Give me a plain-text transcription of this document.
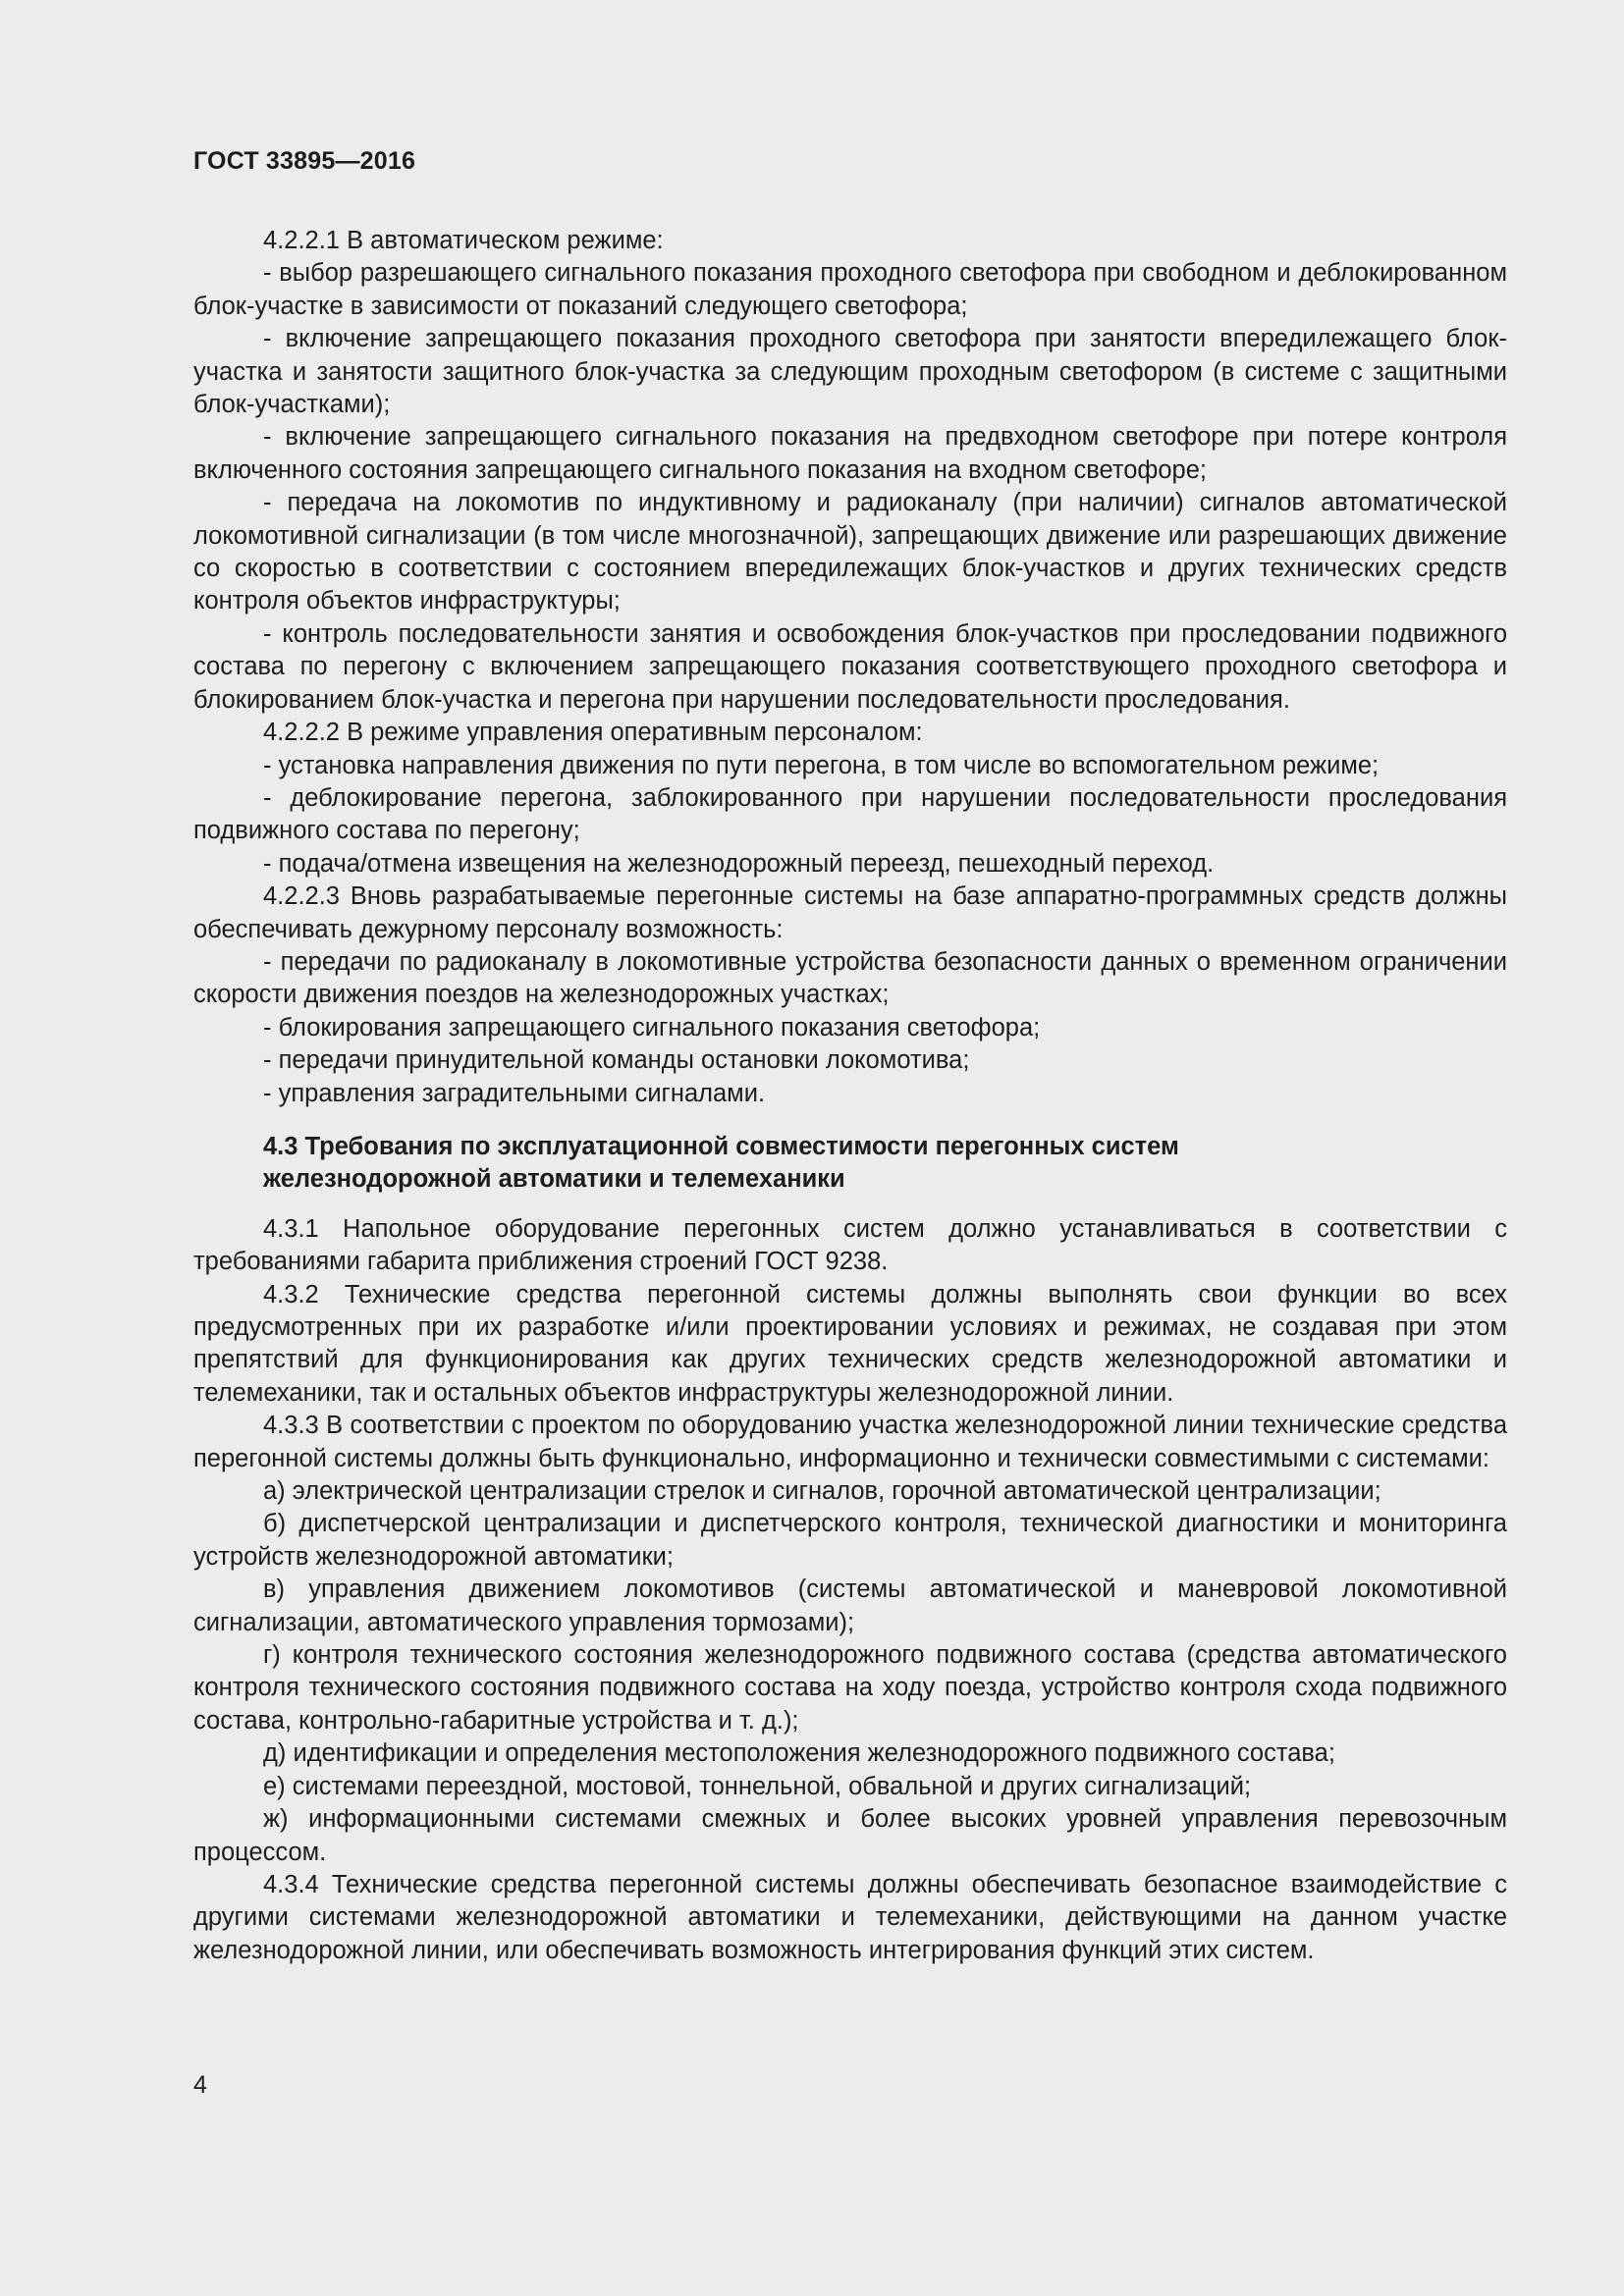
ГОСТ 33895—2016

4.2.2.1 В автоматическом режиме:

- выбор разрешающего сигнального показания проходного светофора при свободном и деблокированном блок-участке в зависимости от показаний следующего светофора;

- включение запрещающего показания проходного светофора при занятости впередилежащего блок-участка и занятости защитного блок-участка за следующим проходным светофором (в системе с защитными блок-участками);

- включение запрещающего сигнального показания на предвходном светофоре при потере контроля включенного состояния запрещающего сигнального показания на входном светофоре;

- передача на локомотив по индуктивному и радиоканалу (при наличии) сигналов автоматической локомотивной сигнализации (в том числе многозначной), запрещающих движение или разрешающих движение со скоростью в соответствии с состоянием впередилежащих блок-участков и других технических средств контроля объектов инфраструктуры;

- контроль последовательности занятия и освобождения блок-участков при проследовании подвижного состава по перегону с включением запрещающего показания соответствующего проходного светофора и блокированием блок-участка и перегона при нарушении последовательности проследования.

4.2.2.2 В режиме управления оперативным персоналом:

- установка направления движения по пути перегона, в том числе во вспомогательном режиме;

- деблокирование перегона, заблокированного при нарушении последовательности проследования подвижного состава по перегону;

- подача/отмена извещения на железнодорожный переезд, пешеходный переход.

4.2.2.3 Вновь разрабатываемые перегонные системы на базе аппаратно-программных средств должны обеспечивать дежурному персоналу возможность:

- передачи по радиоканалу в локомотивные устройства безопасности данных о временном ограничении скорости движения поездов на железнодорожных участках;

- блокирования запрещающего сигнального показания светофора;

- передачи принудительной команды остановки локомотива;

- управления заградительными сигналами.

4.3 Требования по эксплуатационной совместимости перегонных систем
железнодорожной автоматики и телемеханики

4.3.1 Напольное оборудование перегонных систем должно устанавливаться в соответствии с требованиями габарита приближения строений ГОСТ 9238.

4.3.2 Технические средства перегонной системы должны выполнять свои функции во всех предусмотренных при их разработке и/или проектировании условиях и режимах, не создавая при этом препятствий для функционирования как других технических средств железнодорожной автоматики и телемеханики, так и остальных объектов инфраструктуры железнодорожной линии.

4.3.3 В соответствии с проектом по оборудованию участка железнодорожной линии технические средства перегонной системы должны быть функционально, информационно и технически совместимыми с системами:

а) электрической централизации стрелок и сигналов, горочной автоматической централизации;

б) диспетчерской централизации и диспетчерского контроля, технической диагностики и мониторинга устройств железнодорожной автоматики;

в) управления движением локомотивов (системы автоматической и маневровой локомотивной сигнализации, автоматического управления тормозами);

г) контроля технического состояния железнодорожного подвижного состава (средства автоматического контроля технического состояния подвижного состава на ходу поезда, устройство контроля схода подвижного состава, контрольно-габаритные устройства и т. д.);

д) идентификации и определения местоположения железнодорожного подвижного состава;

е) системами переездной, мостовой, тоннельной, обвальной и других сигнализаций;

ж) информационными системами смежных и более высоких уровней управления перевозочным процессом.

4.3.4 Технические средства перегонной системы должны обеспечивать безопасное взаимодействие с другими системами железнодорожной автоматики и телемеханики, действующими на данном участке железнодорожной линии, или обеспечивать возможность интегрирования функций этих систем.

4
